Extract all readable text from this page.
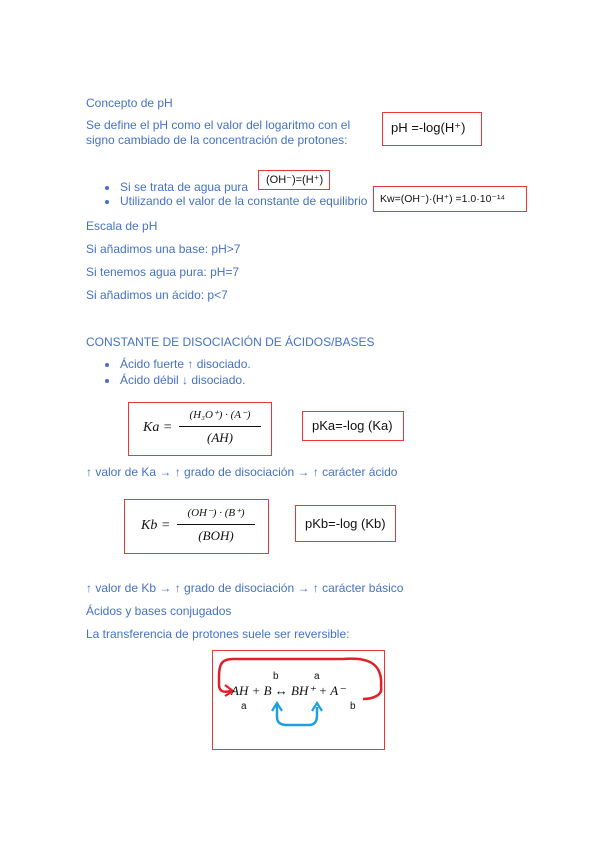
Concepto de pH
Se define el pH como el valor del logaritmo con el
signo cambiado de la concentración de protones:
pH =-log(H⁺)
Si se trata de agua pura (OH⁻)=(H⁺)
Utilizando el valor de la constante de equilibrio Kw=(OH⁻)·(H⁺) =1.0·10⁻¹⁴
Escala de pH
Si añadimos una base: pH>7
Si tenemos agua pura: pH=7
Si añadimos un ácido: p<7
CONSTANTE DE DISOCIACIÓN DE ÁCIDOS/BASES
Ácido fuerte ↑ disociado.
Ácido débil ↓ disociado.
Ka =
(H₃O⁺) · (A⁻)
(AH)
pKa=-log (Ka)
↑ valor de Ka → ↑ grado de disociación → ↑ carácter ácido
Kb =
(OH⁻) · (B⁺)
(BOH)
pKb=-log (Kb)
↑ valor de Kb → ↑ grado de disociación → ↑ carácter básico
Ácidos y bases conjugados
La transferencia de protones suele ser reversible:
AH + B ↔ BH⁺ + A⁻
a
b	a
b
